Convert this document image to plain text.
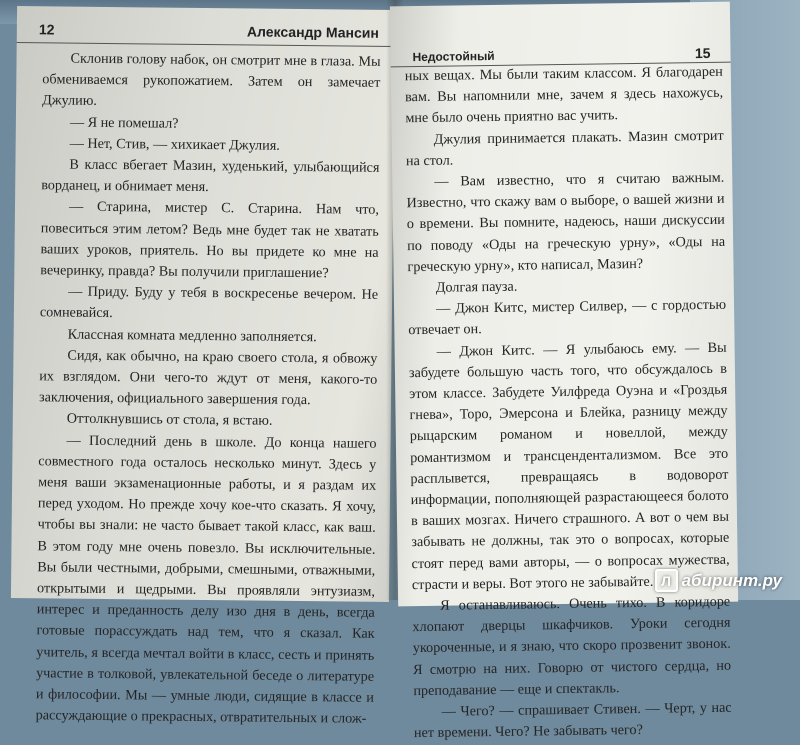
12	Александр Мансин

Склонив голову набок, он смотрит мне в глаза. Мы обмениваемся рукопожатием. Затем он замечает Джулию.

— Я не помешал?

— Нет, Стив, — хихикает Джулия.

В класс вбегает Мазин, худенький, улыбающийся ворданец, и обнимает меня.

— Старина, мистер С. Старина. Нам что, повеситься этим летом? Ведь мне будет так не хватать ваших уроков, приятель. Но вы придете ко мне на вечеринку, правда? Вы получили приглашение?

— Приду. Буду у тебя в воскресенье вечером. Не сомневайся.

Классная комната медленно заполняется.

Сидя, как обычно, на краю своего стола, я обвожу их взглядом. Они чего-то ждут от меня, какого-то заключения, официального завершения года.

Оттолкнувшись от стола, я встаю.

— Последний день в школе. До конца нашего совместного года осталось несколько минут. Здесь у меня ваши экзаменационные работы, и я раздам их перед уходом. Но прежде хочу кое-что сказать. Я хочу, чтобы вы знали: не часто бывает такой класс, как ваш. В этом году мне очень повезло. Вы исключительные. Вы были честными, добрыми, смешными, отважными, открытыми и щедрыми. Вы проявляли энтузиазм, интерес и преданность делу изо дня в день, всегда готовые порассуждать над тем, что я сказал. Как учитель, я всегда мечтал войти в класс, сесть и принять участие в толковой, увлекательной беседе о литературе и философии. Мы — умные люди, сидящие в классе и рассуждающие о прекрасных, отвратительных и слож-

Недостойный	15

ных вещах. Мы были таким классом. Я благодарен вам. Вы напомнили мне, зачем я здесь нахожусь, мне было очень приятно вас учить.

Джулия принимается плакать. Мазин смотрит на стол.

— Вам известно, что я считаю важным. Известно, что скажу вам о выборе, о вашей жизни и о времени. Вы помните, надеюсь, наши дискуссии по поводу «Оды на греческую урну», «Оды на греческую урну», кто написал, Мазин?

Долгая пауза.

— Джон Китс, мистер Силвер, — с гордостью отвечает он.

— Джон Китс. — Я улыбаюсь ему. — Вы забудете большую часть того, что обсуждалось в этом классе. Забудете Уилфреда Оуэна и «Гроздья гнева», Торо, Эмерсона и Блейка, разницу между рыцарским романом и новеллой, между романтизмом и трансцендентализмом. Все это расплывется, превращаясь в водоворот информации, пополняющей разрастающееся болото в ваших мозгах. Ничего страшного. А вот о чем вы забывать не должны, так это о вопросах, которые стоят перед вами авторы, — о вопросах мужества, страсти и веры. Вот этого не забывайте.

Я останавливаюсь. Очень тихо. В коридоре хлопают дверцы шкафчиков. Уроки сегодня укороченные, и я знаю, что скоро прозвенит звонок. Я смотрю на них. Говорю от чистого сердца, но преподавание — еще и спектакль.

— Чего? — спрашивает Стивен. — Черт, у нас нет времени. Чего? Не забывать чего?

Л абиринт.ру
